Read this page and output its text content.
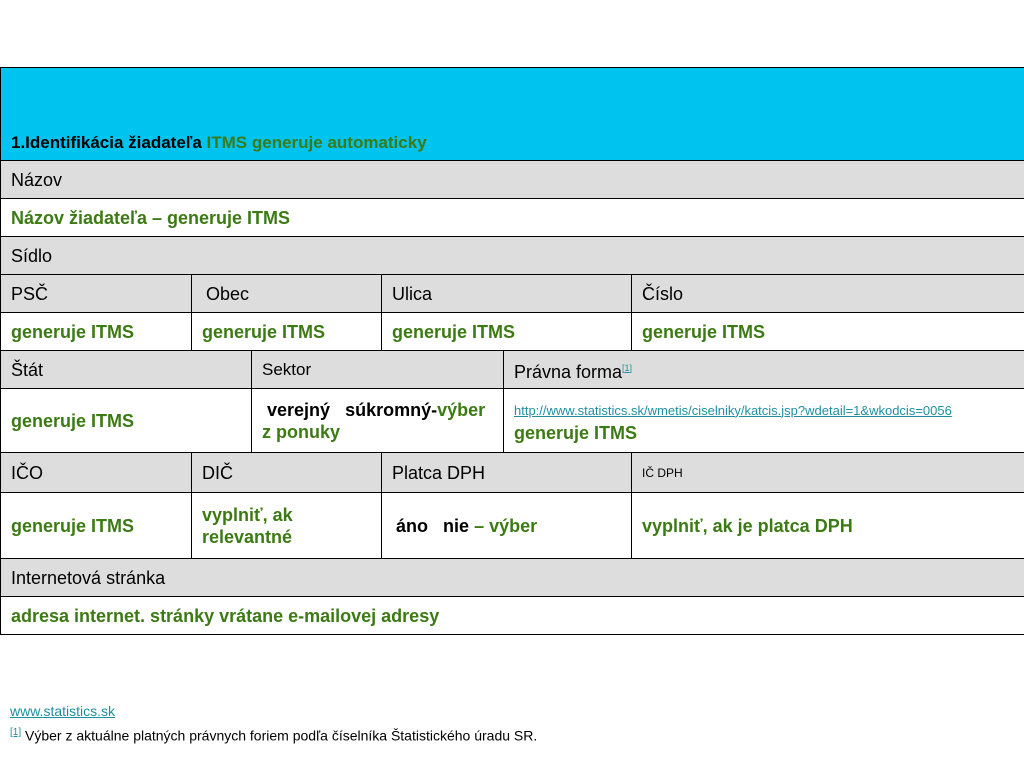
1.Identifikácia žiadateľa ITMS generuje automaticky					
Názov					
Názov žiadateľa – generuje ITMS					
Sídlo					
PSČ	Obec		Ulica		Číslo
generuje ITMS	generuje ITMS		generuje ITMS		generuje ITMS
Štát		Sektor		Právna forma[1]
generuje ITMS		verejný súkromný-výber z ponuky		http://www.statistics.sk/wmetis/ciselniky/katcis.jsp?wdetail=1&wkodcis=0056
generuje ITMS	
IČO	DIČ		Platca DPH		IČ DPH
generuje ITMS	vyplniť, ak relevantné		áno nie – výber		vyplniť, ak je platca DPH
Internetová stránka					
adresa internet. stránky vrátane e-mailovej adresy					
www.statistics.sk
[1] Výber z aktuálne platných právnych foriem podľa číselníka Štatistického úradu SR.
